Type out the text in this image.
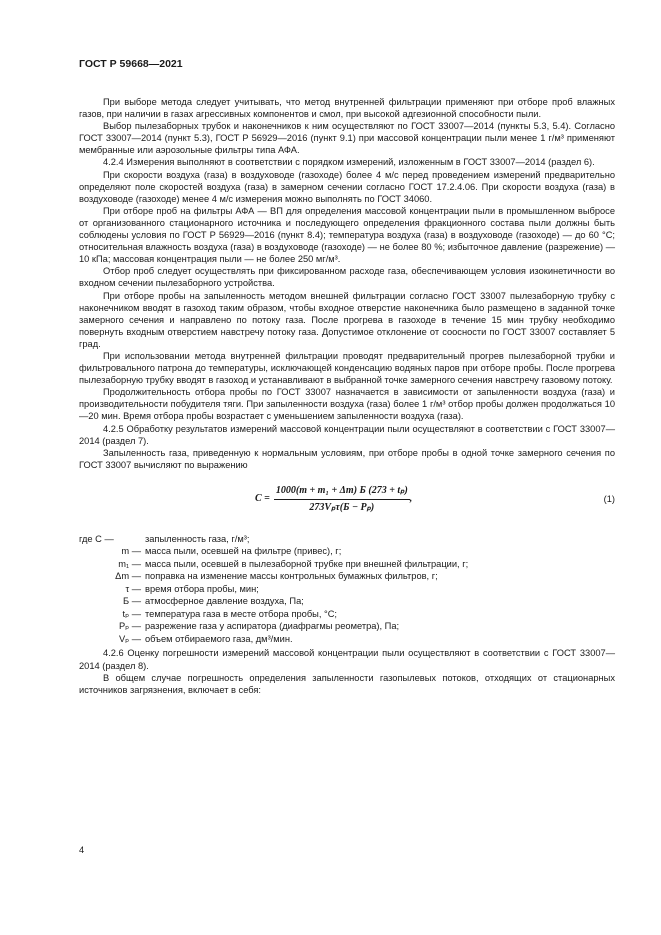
ГОСТ Р 59668—2021

При выборе метода следует учитывать, что метод внутренней фильтрации применяют при отборе проб влажных газов, при наличии в газах агрессивных компонентов и смол, при высокой адгезионной способности пыли.

Выбор пылезаборных трубок и наконечников к ним осуществляют по ГОСТ 33007—2014 (пункты 5.3, 5.4). Согласно ГОСТ 33007—2014 (пункт 5.3), ГОСТ Р 56929—2016 (пункт 9.1) при массовой концентрации пыли менее 1 г/м³ применяют мембранные или аэрозольные фильтры типа АФА.

4.2.4 Измерения выполняют в соответствии с порядком измерений, изложенным в ГОСТ 33007—2014 (раздел 6).

При скорости воздуха (газа) в воздуховоде (газоходе) более 4 м/с перед проведением измерений предварительно определяют поле скоростей воздуха (газа) в замерном сечении согласно ГОСТ 17.2.4.06. При скорости воздуха (газа) в воздуховоде (газоходе) менее 4 м/с измерения можно выполнять по ГОСТ 34060.

При отборе проб на фильтры АФА — ВП для определения массовой концентрации пыли в промышленном выбросе от организованного стационарного источника и последующего определения фракционного состава пыли должны быть соблюдены условия по ГОСТ Р 56929—2016 (пункт 8.4); температура воздуха (газа) в воздуховоде (газоходе) — до 60 °С; относительная влажность воздуха (газа) в воздуховоде (газоходе) — не более 80 %; избыточное давление (разрежение) — 10 кПа; массовая концентрация пыли — не более 250 мг/м³.

Отбор проб следует осуществлять при фиксированном расходе газа, обеспечивающем условия изокинетичности во входном сечении пылезаборного устройства.

При отборе пробы на запыленность методом внешней фильтрации согласно ГОСТ 33007 пылезаборную трубку с наконечником вводят в газоход таким образом, чтобы входное отверстие наконечника было размещено в заданной точке замерного сечения и направлено по потоку газа. После прогрева в газоходе в течение 15 мин трубку необходимо повернуть входным отверстием навстречу потоку газа. Допустимое отклонение от соосности по ГОСТ 33007 составляет 5 град.

При использовании метода внутренней фильтрации проводят предварительный прогрев пылезаборной трубки и фильтровального патрона до температуры, исключающей конденсацию водяных паров при отборе пробы. После прогрева пылезаборную трубку вводят в газоход и устанавливают в выбранной точке замерного сечения навстречу газовому потоку.

Продолжительность отбора пробы по ГОСТ 33007 назначается в зависимости от запыленности воздуха (газа) и производительности побудителя тяги. При запыленности воздуха (газа) более 1 г/м³ отбор пробы должен продолжаться 10—20 мин. Время отбора пробы возрастает с уменьшением запыленности воздуха (газа).

4.2.5 Обработку результатов измерений массовой концентрации пыли осуществляют в соответствии с ГОСТ 33007—2014 (раздел 7).

Запыленность газа, приведенную к нормальным условиям, при отборе пробы в одной точке замерного сечения по ГОСТ 33007 вычисляют по выражению

$C = \frac{\text{1000(m + m₁ + Δm) Б (273 + tₚ)}}{\text{273Vₚτ(Б − Pₚ)}}$ ,	(1)
где C —	запыленность газа, г/м³;
m — масса пыли, осевшей на фильтре (привес), г;
m₁ — масса пыли, осевшей в пылезаборной трубке при внешней фильтрации, г;
Δm — поправка на изменение массы контрольных бумажных фильтров, г;
τ — время отбора пробы, мин;
Б — атмосферное давление воздуха, Па;
tₚ — температура газа в месте отбора пробы, °С;
Pₚ — разрежение газа у аспиратора (диафрагмы реометра), Па;
Vₚ — объем отбираемого газа, дм³/мин.

4.2.6 Оценку погрешности измерений массовой концентрации пыли осуществляют в соответствии с ГОСТ 33007—2014 (раздел 8).

В общем случае погрешность определения запыленности газопылевых потоков, отходящих от стационарных источников загрязнения, включает в себя:

4
